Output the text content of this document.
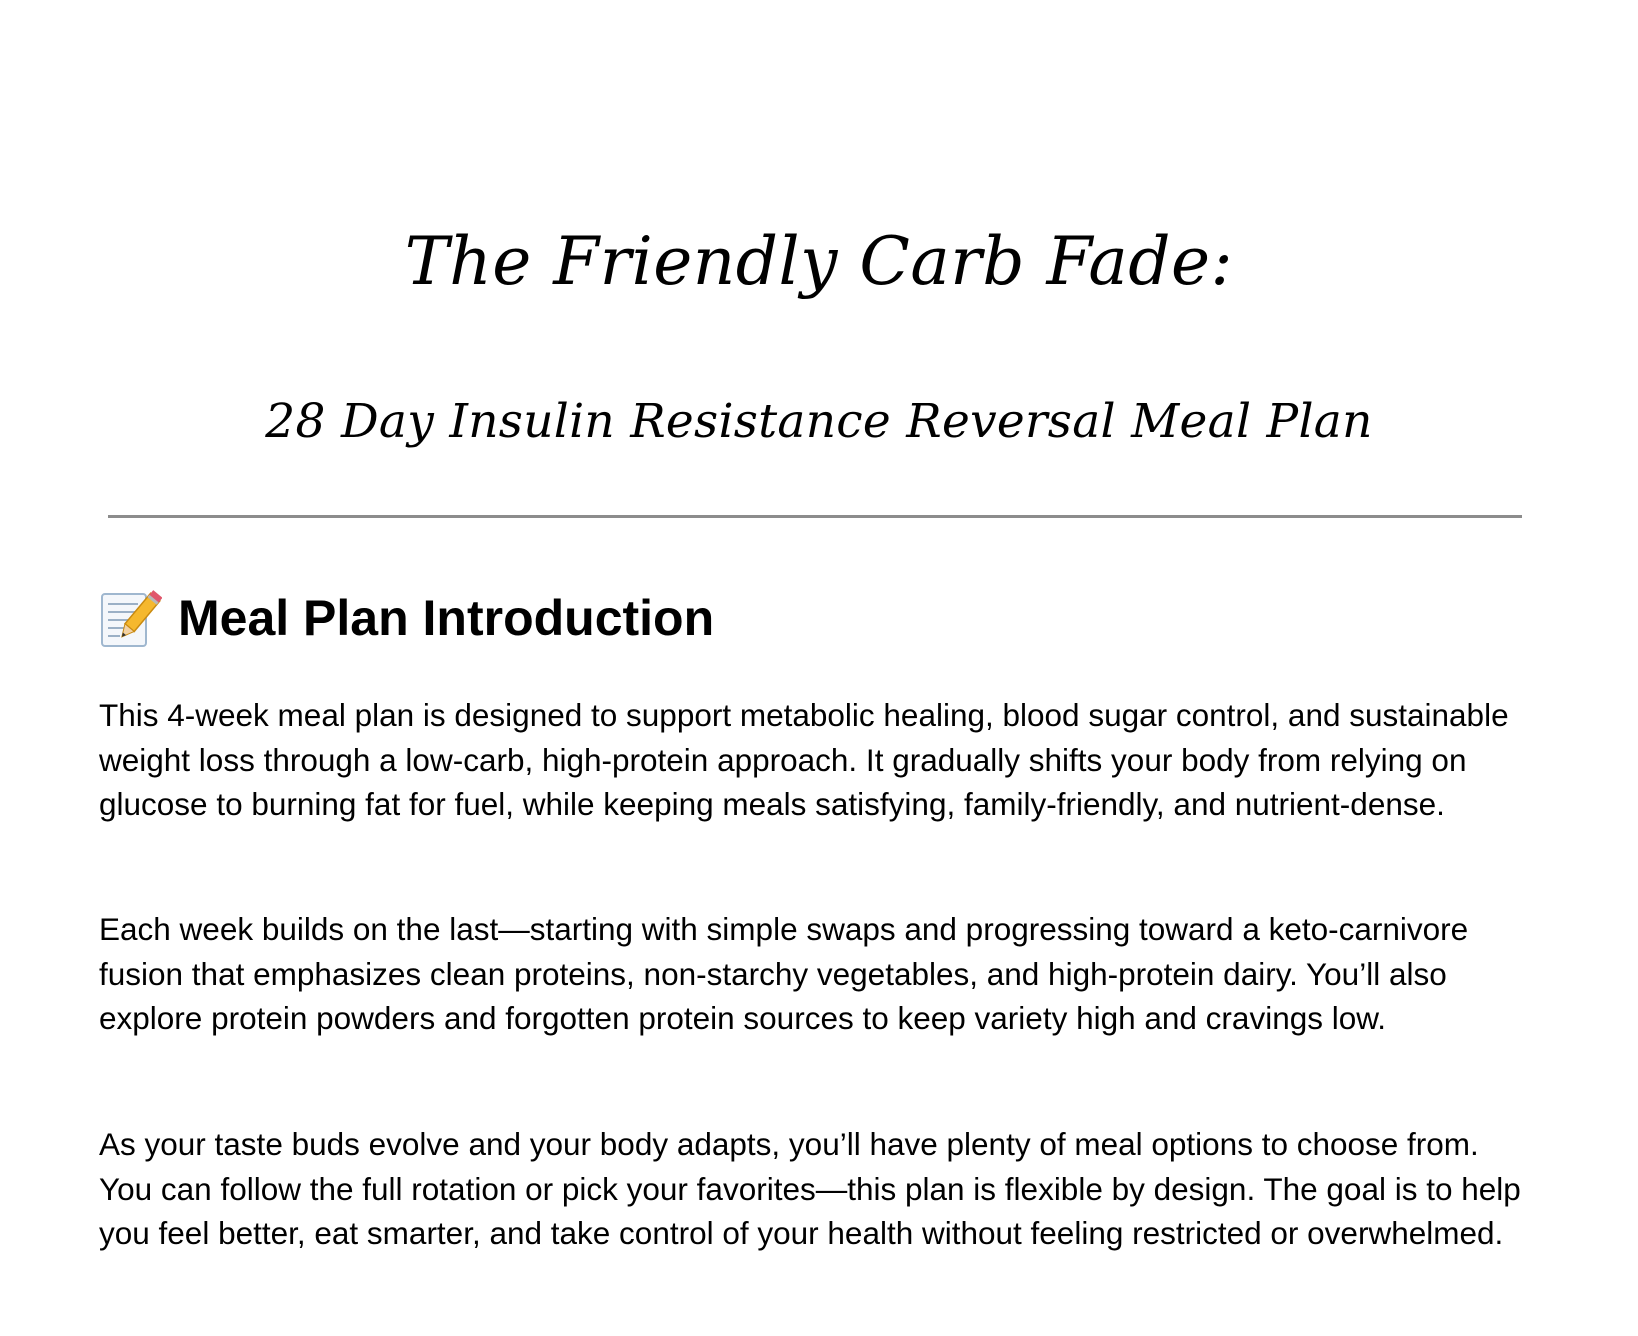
The Friendly Carb Fade:
28 Day Insulin Resistance Reversal Meal Plan
Meal Plan Introduction

This 4-week meal plan is designed to support metabolic healing, blood sugar control, and sustainable weight loss through a low-carb, high-protein approach. It gradually shifts your body from relying on glucose to burning fat for fuel, while keeping meals satisfying, family-friendly, and nutrient-dense.

Each week builds on the last—starting with simple swaps and progressing toward a keto-carnivore fusion that emphasizes clean proteins, non-starchy vegetables, and high-protein dairy. You’ll also explore protein powders and forgotten protein sources to keep variety high and cravings low.

As your taste buds evolve and your body adapts, you’ll have plenty of meal options to choose from. You can follow the full rotation or pick your favorites—this plan is flexible by design. The goal is to help you feel better, eat smarter, and take control of your health without feeling restricted or overwhelmed.
